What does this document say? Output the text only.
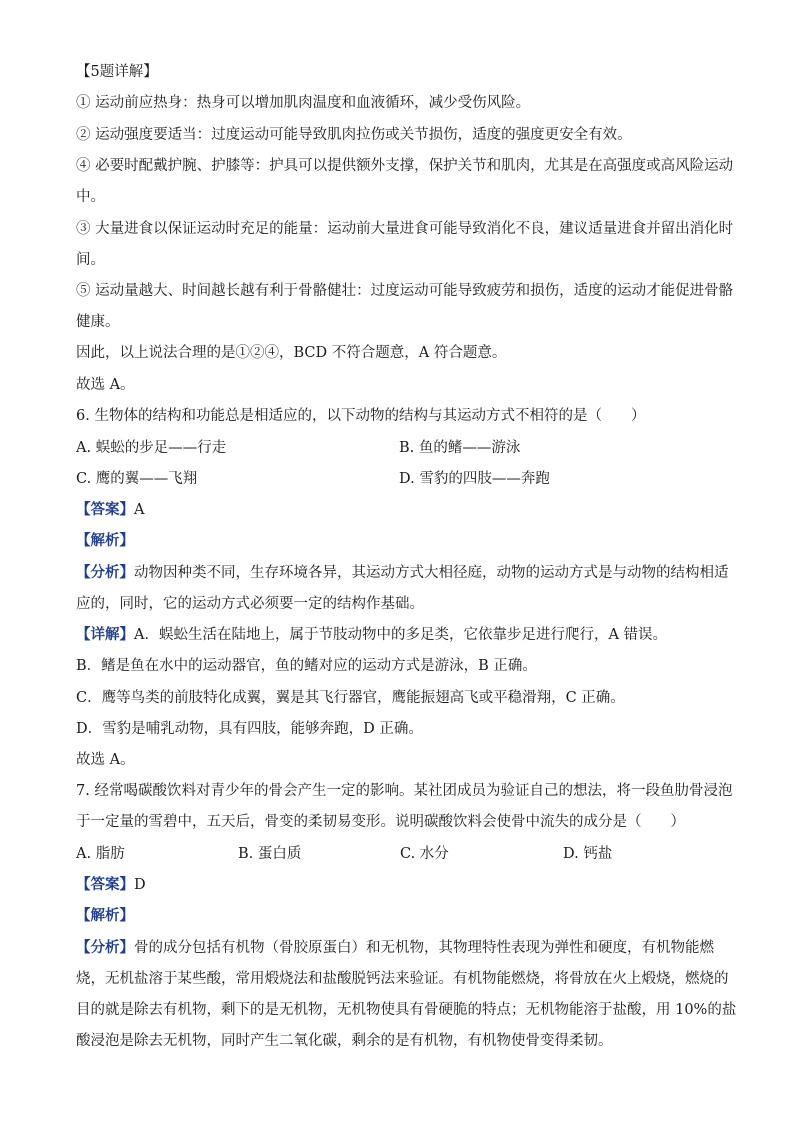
【5题详解】
① 运动前应热身：热身可以增加肌肉温度和血液循环，减少受伤风险。
② 运动强度要适当：过度运动可能导致肌肉拉伤或关节损伤，适度的强度更安全有效。
④ 必要时配戴护腕、护膝等：护具可以提供额外支撑，保护关节和肌肉，尤其是在高强度或高风险运动
中。
③ 大量进食以保证运动时充足的能量：运动前大量进食可能导致消化不良，建议适量进食并留出消化时
间。
⑤ 运动量越大、时间越长越有利于骨骼健壮：过度运动可能导致疲劳和损伤，适度的运动才能促进骨骼
健康。
因此，以上说法合理的是①②④，BCD 不符合题意，A 符合题意。
故选 A。
6. 生物体的结构和功能总是相适应的，以下动物的结构与其运动方式不相符的是（　　）
A. 蜈蚣的步足——行走	B. 鱼的鳍——游泳
C. 鹰的翼——飞翔	D. 雪豹的四肢——奔跑
【答案】A
【解析】
【分析】动物因种类不同，生存环境各异，其运动方式大相径庭，动物的运动方式是与动物的结构相适
应的，同时，它的运动方式必须要一定的结构作基础。
【详解】A．蜈蚣生活在陆地上，属于节肢动物中的多足类，它依靠步足进行爬行，A 错误。
B．鳍是鱼在水中的运动器官，鱼的鳍对应的运动方式是游泳，B 正确。
C．鹰等鸟类的前肢特化成翼，翼是其飞行器官，鹰能振翅高飞或平稳滑翔，C 正确。
D．雪豹是哺乳动物，具有四肢，能够奔跑，D 正确。
故选 A。
7. 经常喝碳酸饮料对青少年的骨会产生一定的影响。某社团成员为验证自己的想法，将一段鱼肋骨浸泡
于一定量的雪碧中，五天后，骨变的柔韧易变形。说明碳酸饮料会使骨中流失的成分是（　　）
A. 脂肪	B. 蛋白质	C. 水分	D. 钙盐
【答案】D
【解析】
【分析】骨的成分包括有机物（骨胶原蛋白）和无机物，其物理特性表现为弹性和硬度，有机物能燃
烧，无机盐溶于某些酸，常用煅烧法和盐酸脱钙法来验证。有机物能燃烧，将骨放在火上煅烧，燃烧的
目的就是除去有机物，剩下的是无机物，无机物使具有骨硬脆的特点；无机物能溶于盐酸，用 10%的盐
酸浸泡是除去无机物，同时产生二氧化碳，剩余的是有机物，有机物使骨变得柔韧。
